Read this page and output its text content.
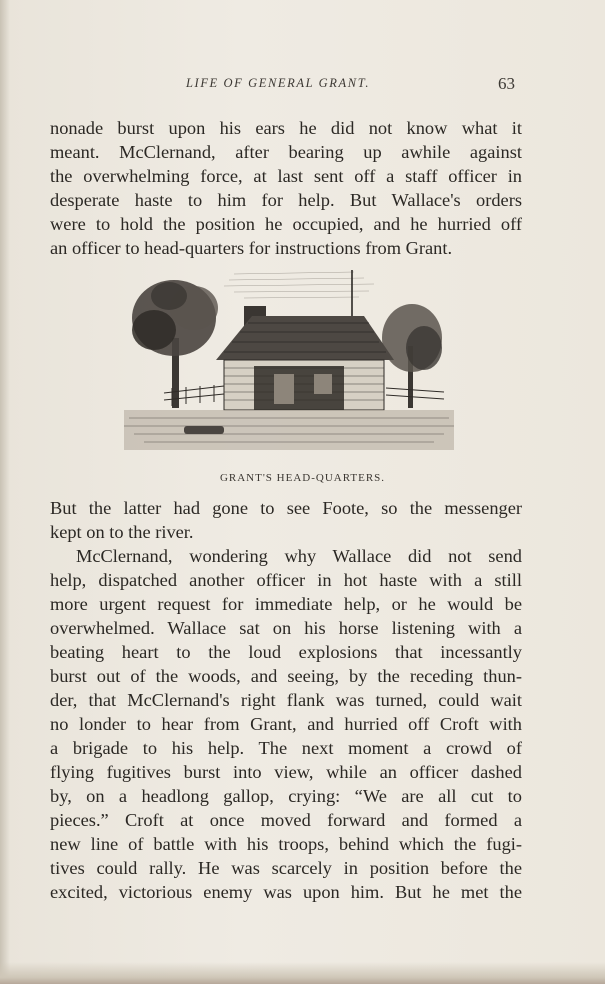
LIFE OF GENERAL GRANT.	63
nonade burst upon his ears he did not know what it
meant. McClernand, after bearing up awhile against
the overwhelming force, at last sent off a staff officer in
desperate haste to him for help. But Wallace's orders
were to hold the position he occupied, and he hurried off
an officer to head-quarters for instructions from Grant.
GRANT'S HEAD-QUARTERS.
But the latter had gone to see Foote, so the messenger
kept on to the river.
McClernand, wondering why Wallace did not send
help, dispatched another officer in hot haste with a still
more urgent request for immediate help, or he would be
overwhelmed. Wallace sat on his horse listening with a
beating heart to the loud explosions that incessantly
burst out of the woods, and seeing, by the receding thun-
der, that McClernand's right flank was turned, could wait
no londer to hear from Grant, and hurried off Croft with
a brigade to his help. The next moment a crowd of
flying fugitives burst into view, while an officer dashed
by, on a headlong gallop, crying: “We are all cut to
pieces.” Croft at once moved forward and formed a
new line of battle with his troops, behind which the fugi-
tives could rally. He was scarcely in position before the
excited, victorious enemy was upon him. But he met the
